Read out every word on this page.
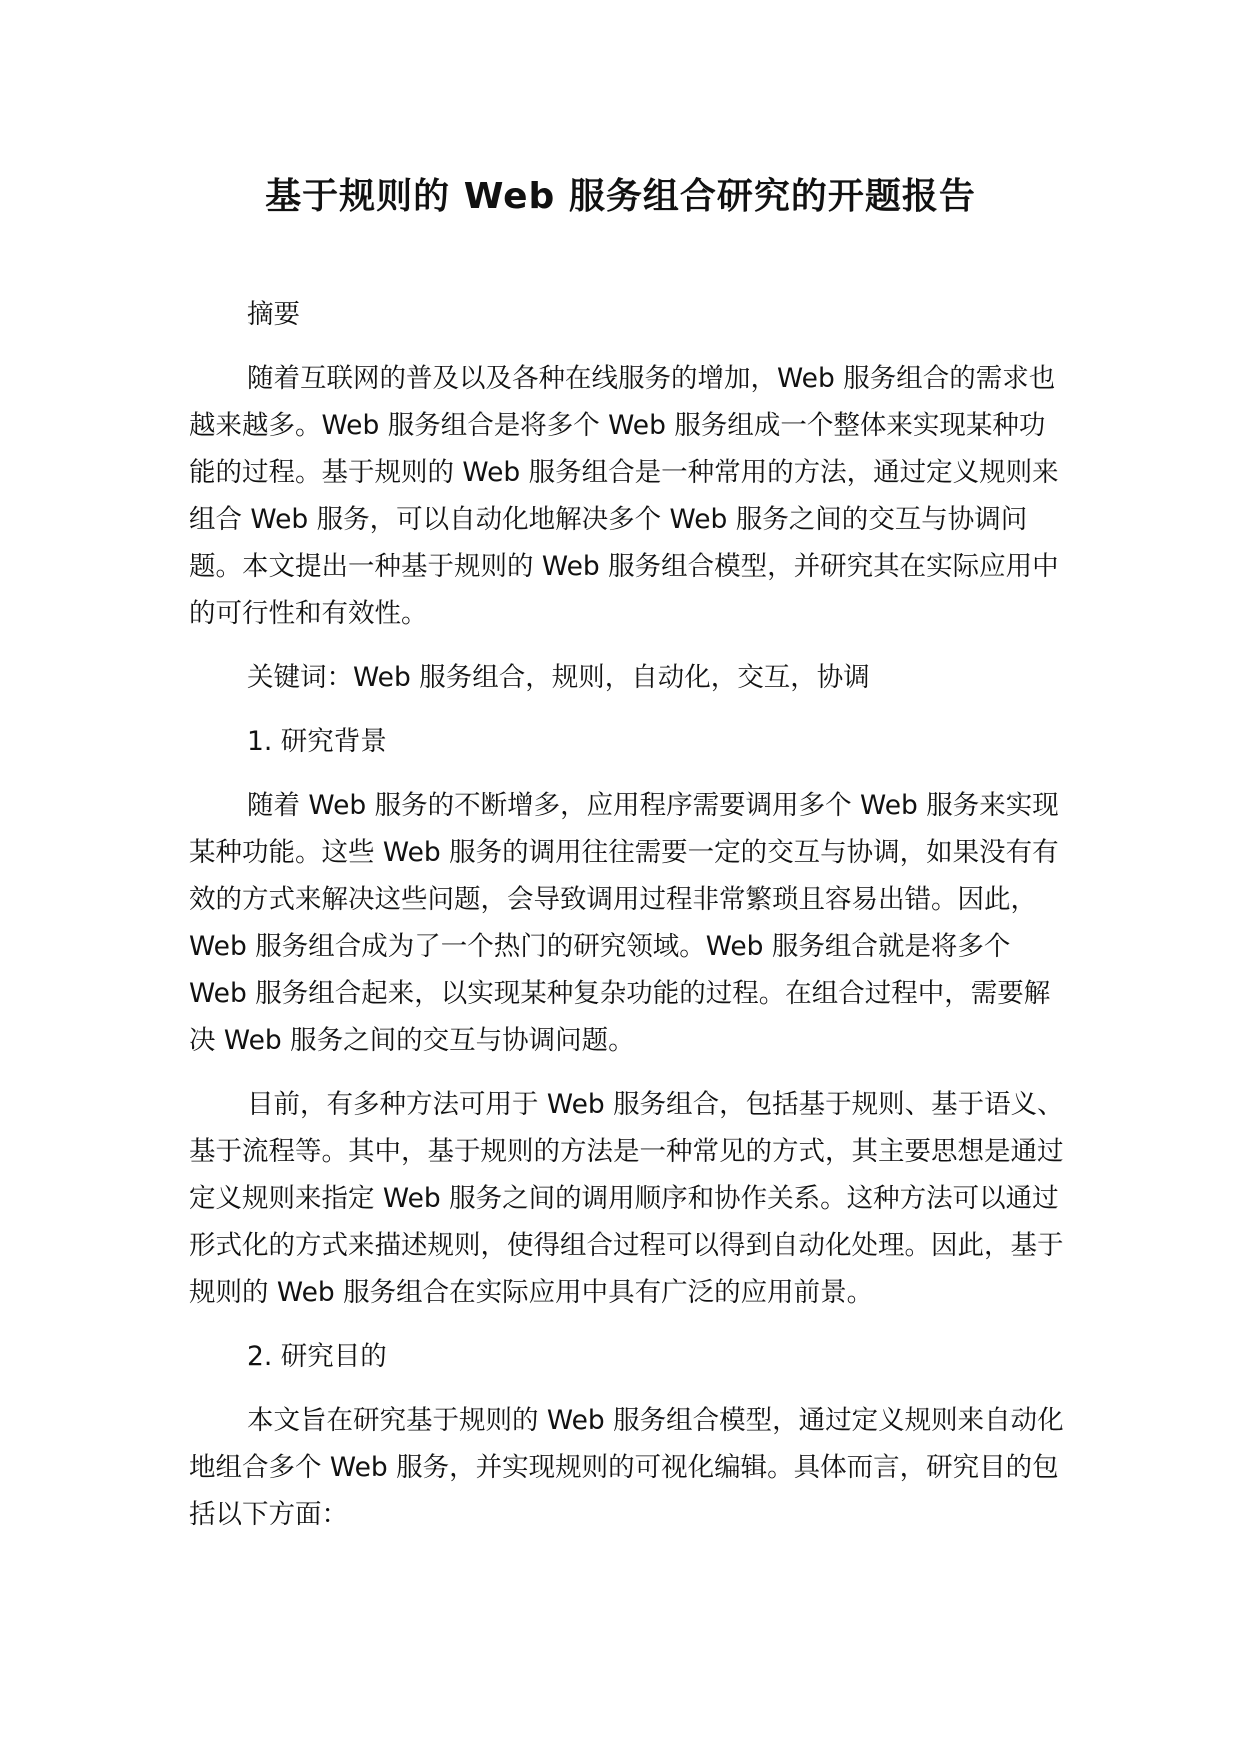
基于规则的 Web 服务组合研究的开题报告

摘要

随着互联网的普及以及各种在线服务的增加，Web 服务组合的需求也越来越多。Web 服务组合是将多个 Web 服务组成一个整体来实现某种功能的过程。基于规则的 Web 服务组合是一种常用的方法，通过定义规则来组合 Web 服务，可以自动化地解决多个 Web 服务之间的交互与协调问题。本文提出一种基于规则的 Web 服务组合模型，并研究其在实际应用中的可行性和有效性。

关键词：Web 服务组合，规则，自动化，交互，协调

1. 研究背景

随着 Web 服务的不断增多，应用程序需要调用多个 Web 服务来实现某种功能。这些 Web 服务的调用往往需要一定的交互与协调，如果没有有效的方式来解决这些问题，会导致调用过程非常繁琐且容易出错。因此，Web 服务组合成为了一个热门的研究领域。Web 服务组合就是将多个 Web 服务组合起来，以实现某种复杂功能的过程。在组合过程中，需要解决 Web 服务之间的交互与协调问题。

目前，有多种方法可用于 Web 服务组合，包括基于规则、基于语义、基于流程等。其中，基于规则的方法是一种常见的方式，其主要思想是通过定义规则来指定 Web 服务之间的调用顺序和协作关系。这种方法可以通过形式化的方式来描述规则，使得组合过程可以得到自动化处理。因此，基于规则的 Web 服务组合在实际应用中具有广泛的应用前景。

2. 研究目的

本文旨在研究基于规则的 Web 服务组合模型，通过定义规则来自动化地组合多个 Web 服务，并实现规则的可视化编辑。具体而言，研究目的包括以下方面：
